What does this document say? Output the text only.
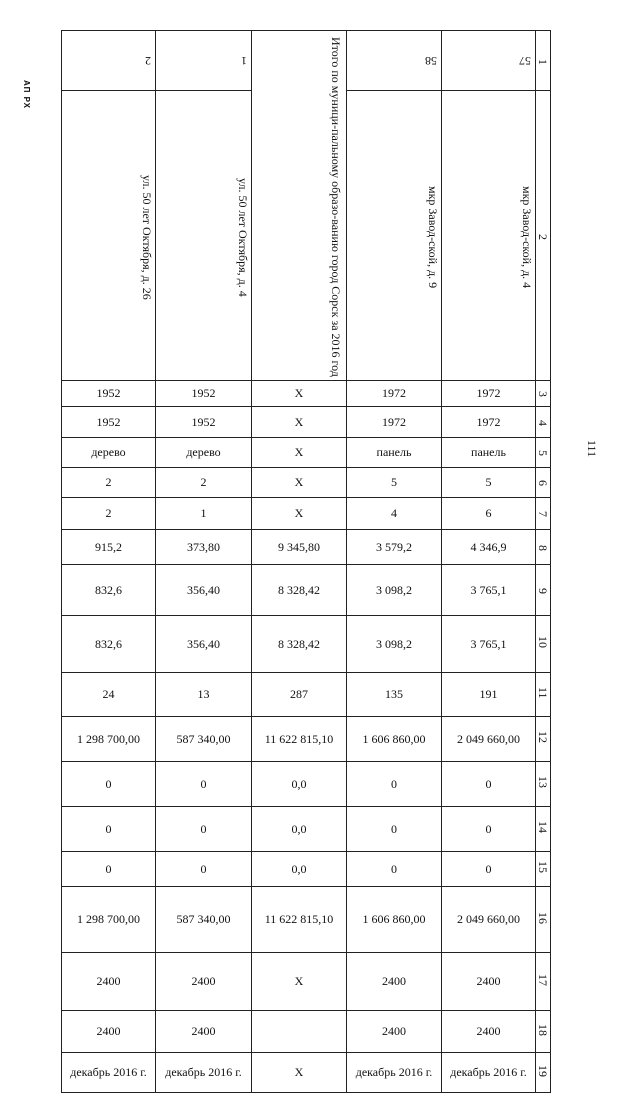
АП РХ
111
2	1	Итого по муници-пальному образо-ванию город Сорск за 2016 год	58	57	1
ул. 50 лет Октября, д. 26	ул. 50 лет Октября, д. 4		мкр Завод-ской, д. 9	мкр Завод-ской, д. 4	2
1952	1952	X	1972	1972	3
1952	1952	X	1972	1972	4
дерево	дерево	X	панель	панель	5
2	2	X	5	5	6
2	1	X	4	6	7
915,2	373,80	9 345,80	3 579,2	4 346,9	8
832,6	356,40	8 328,42	3 098,2	3 765,1	9
832,6	356,40	8 328,42	3 098,2	3 765,1	10
24	13	287	135	191	11
1 298 700,00	587 340,00	11 622 815,10	1 606 860,00	2 049 660,00	12
0	0	0,0	0	0	13
0	0	0,0	0	0	14
0	0	0,0	0	0	15
1 298 700,00	587 340,00	11 622 815,10	1 606 860,00	2 049 660,00	16
2400	2400	X	2400	2400	17
2400	2400		2400	2400	18
декабрь 2016 г.	декабрь 2016 г.	X	декабрь 2016 г.	декабрь 2016 г.	19
